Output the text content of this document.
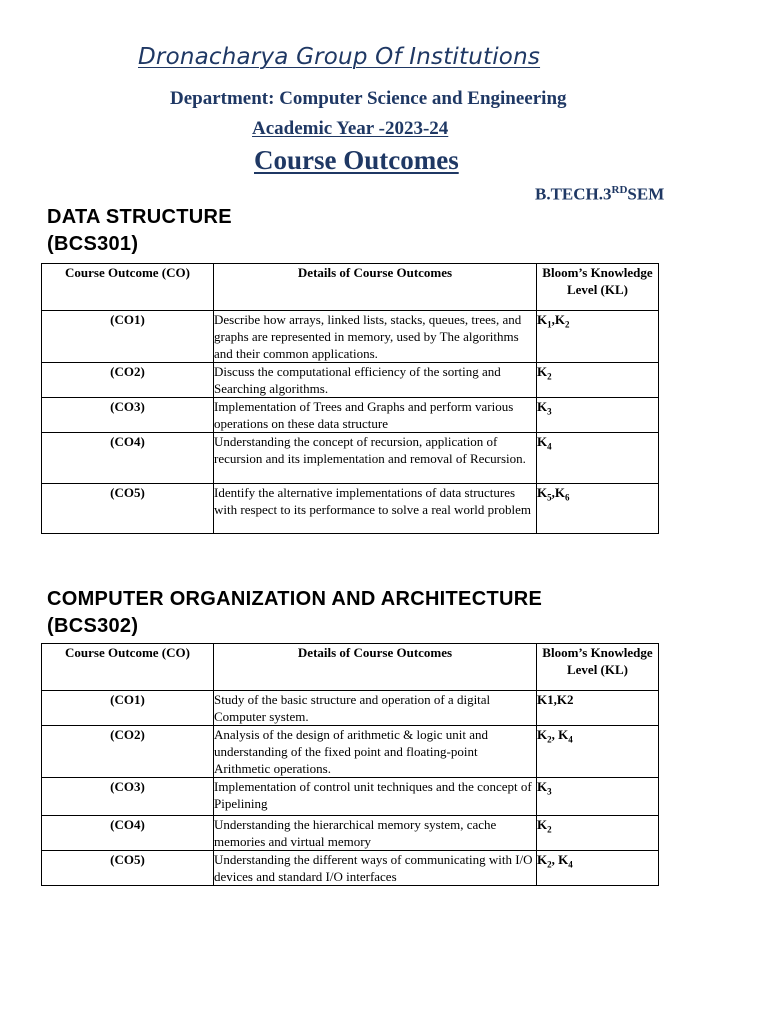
Dronacharya Group Of Institutions
Department: Computer Science and Engineering
Academic Year -2023-24
Course Outcomes
B.TECH.3RDSEM
DATA STRUCTURE
(BCS301)
Course Outcome (CO)	Details of Course Outcomes	Bloom’s Knowledge Level (KL)
(CO1)	Describe how arrays, linked lists, stacks, queues, trees, and graphs are represented in memory, used by The algorithms and their common applications.	$K_1,K_2$
(CO2)	Discuss the computational efficiency of the sorting and Searching algorithms.	$K_2$
(CO3)	Implementation of Trees and Graphs and perform various operations on these data structure	$K_3$
(CO4)	Understanding the concept of recursion, application of recursion and its implementation and removal of Recursion.	$K_4$
(CO5)	Identify the alternative implementations of data structures with respect to its performance to solve a real world problem	$K_5,K_6$
COMPUTER ORGANIZATION AND ARCHITECTURE
(BCS302)
Course Outcome (CO)	Details of Course Outcomes	Bloom’s Knowledge Level (KL)
(CO1)	Study of the basic structure and operation of a digital Computer system.	K1,K2
(CO2)	Analysis of the design of arithmetic & logic unit and understanding of the fixed point and floating-point Arithmetic operations.	$K_2$, $K_4$
(CO3)	Implementation of control unit techniques and the concept of Pipelining	$K_3$
(CO4)	Understanding the hierarchical memory system, cache memories and virtual memory	$K_2$
(CO5)	Understanding the different ways of communicating with I/O devices and standard I/O interfaces	$K_2$, $K_4$
